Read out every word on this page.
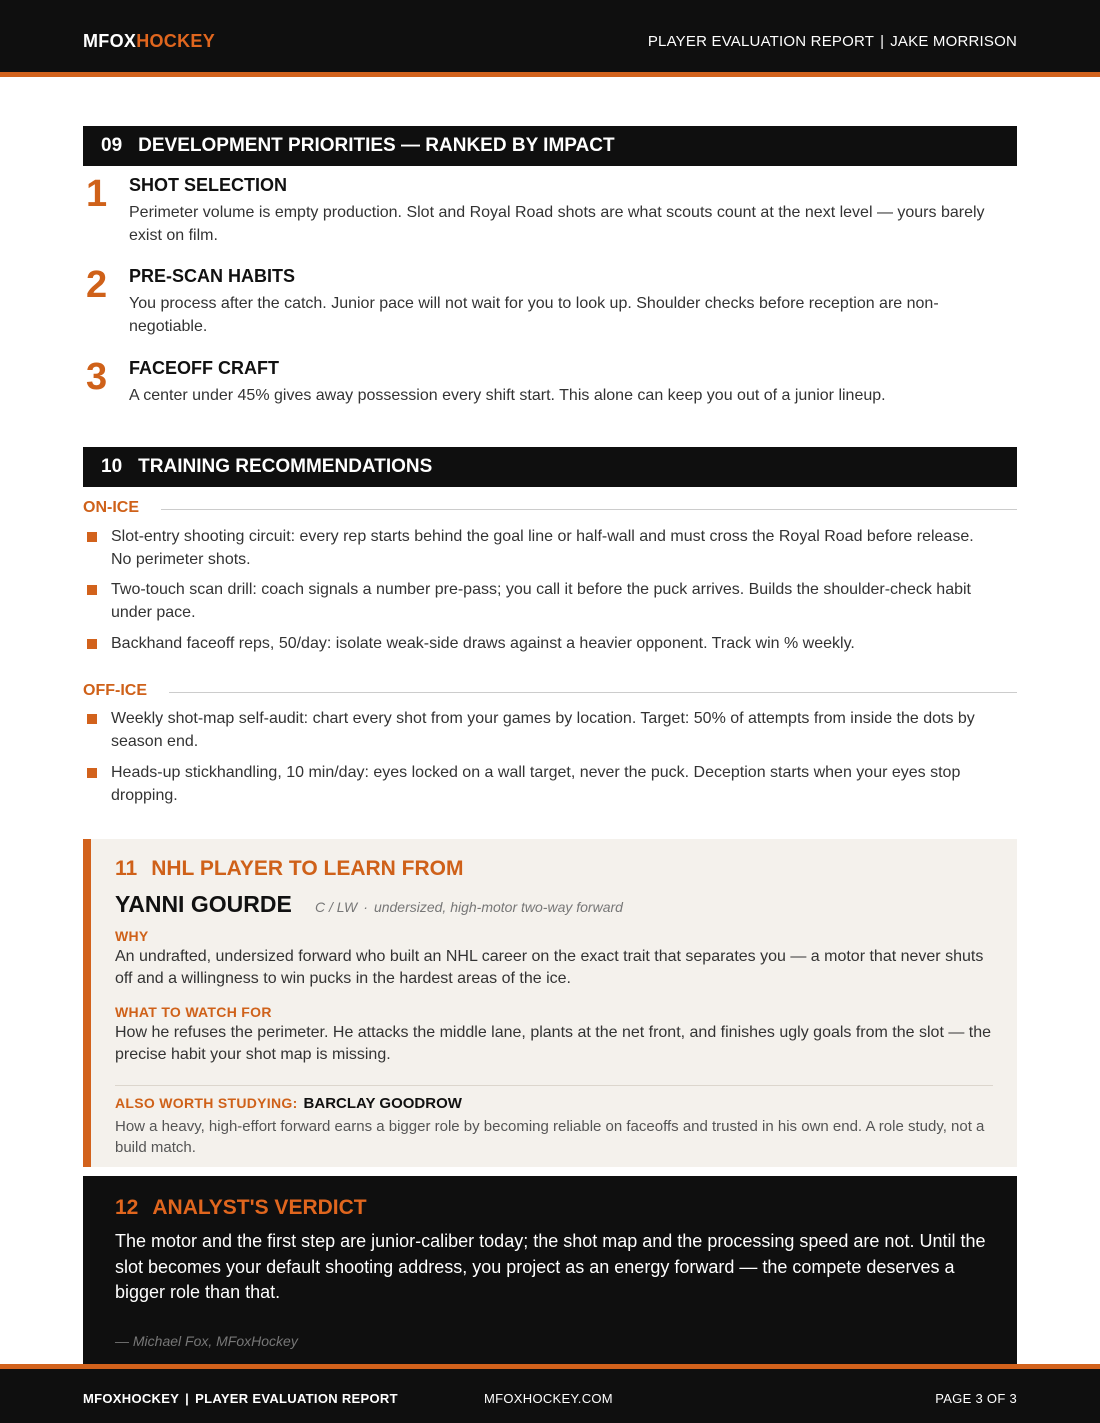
MFOXHOCKEY	PLAYER EVALUATION REPORT | JAKE MORRISON
09 DEVELOPMENT PRIORITIES — RANKED BY IMPACT
1 SHOT SELECTION
Perimeter volume is empty production. Slot and Royal Road shots are what scouts count at the next level — yours barely exist on film.
2 PRE-SCAN HABITS
You process after the catch. Junior pace will not wait for you to look up. Shoulder checks before reception are non-negotiable.
3 FACEOFF CRAFT
A center under 45% gives away possession every shift start. This alone can keep you out of a junior lineup.
10 TRAINING RECOMMENDATIONS
ON-ICE
Slot-entry shooting circuit: every rep starts behind the goal line or half-wall and must cross the Royal Road before release. No perimeter shots.
Two-touch scan drill: coach signals a number pre-pass; you call it before the puck arrives. Builds the shoulder-check habit under pace.
Backhand faceoff reps, 50/day: isolate weak-side draws against a heavier opponent. Track win % weekly.
OFF-ICE
Weekly shot-map self-audit: chart every shot from your games by location. Target: 50% of attempts from inside the dots by season end.
Heads-up stickhandling, 10 min/day: eyes locked on a wall target, never the puck. Deception starts when your eyes stop dropping.
11 NHL PLAYER TO LEARN FROM
YANNI GOURDE C / LW · undersized, high-motor two-way forward
WHY
An undrafted, undersized forward who built an NHL career on the exact trait that separates you — a motor that never shuts off and a willingness to win pucks in the hardest areas of the ice.
WHAT TO WATCH FOR
How he refuses the perimeter. He attacks the middle lane, plants at the net front, and finishes ugly goals from the slot — the precise habit your shot map is missing.
ALSO WORTH STUDYING: BARCLAY GOODROW
How a heavy, high-effort forward earns a bigger role by becoming reliable on faceoffs and trusted in his own end. A role study, not a build match.
12 ANALYST'S VERDICT
The motor and the first step are junior-caliber today; the shot map and the processing speed are not. Until the slot becomes your default shooting address, you project as an energy forward — the compete deserves a bigger role than that.
— Michael Fox, MFoxHockey
MFOXHOCKEY | PLAYER EVALUATION REPORT	MFOXHOCKEY.COM	PAGE 3 OF 3
